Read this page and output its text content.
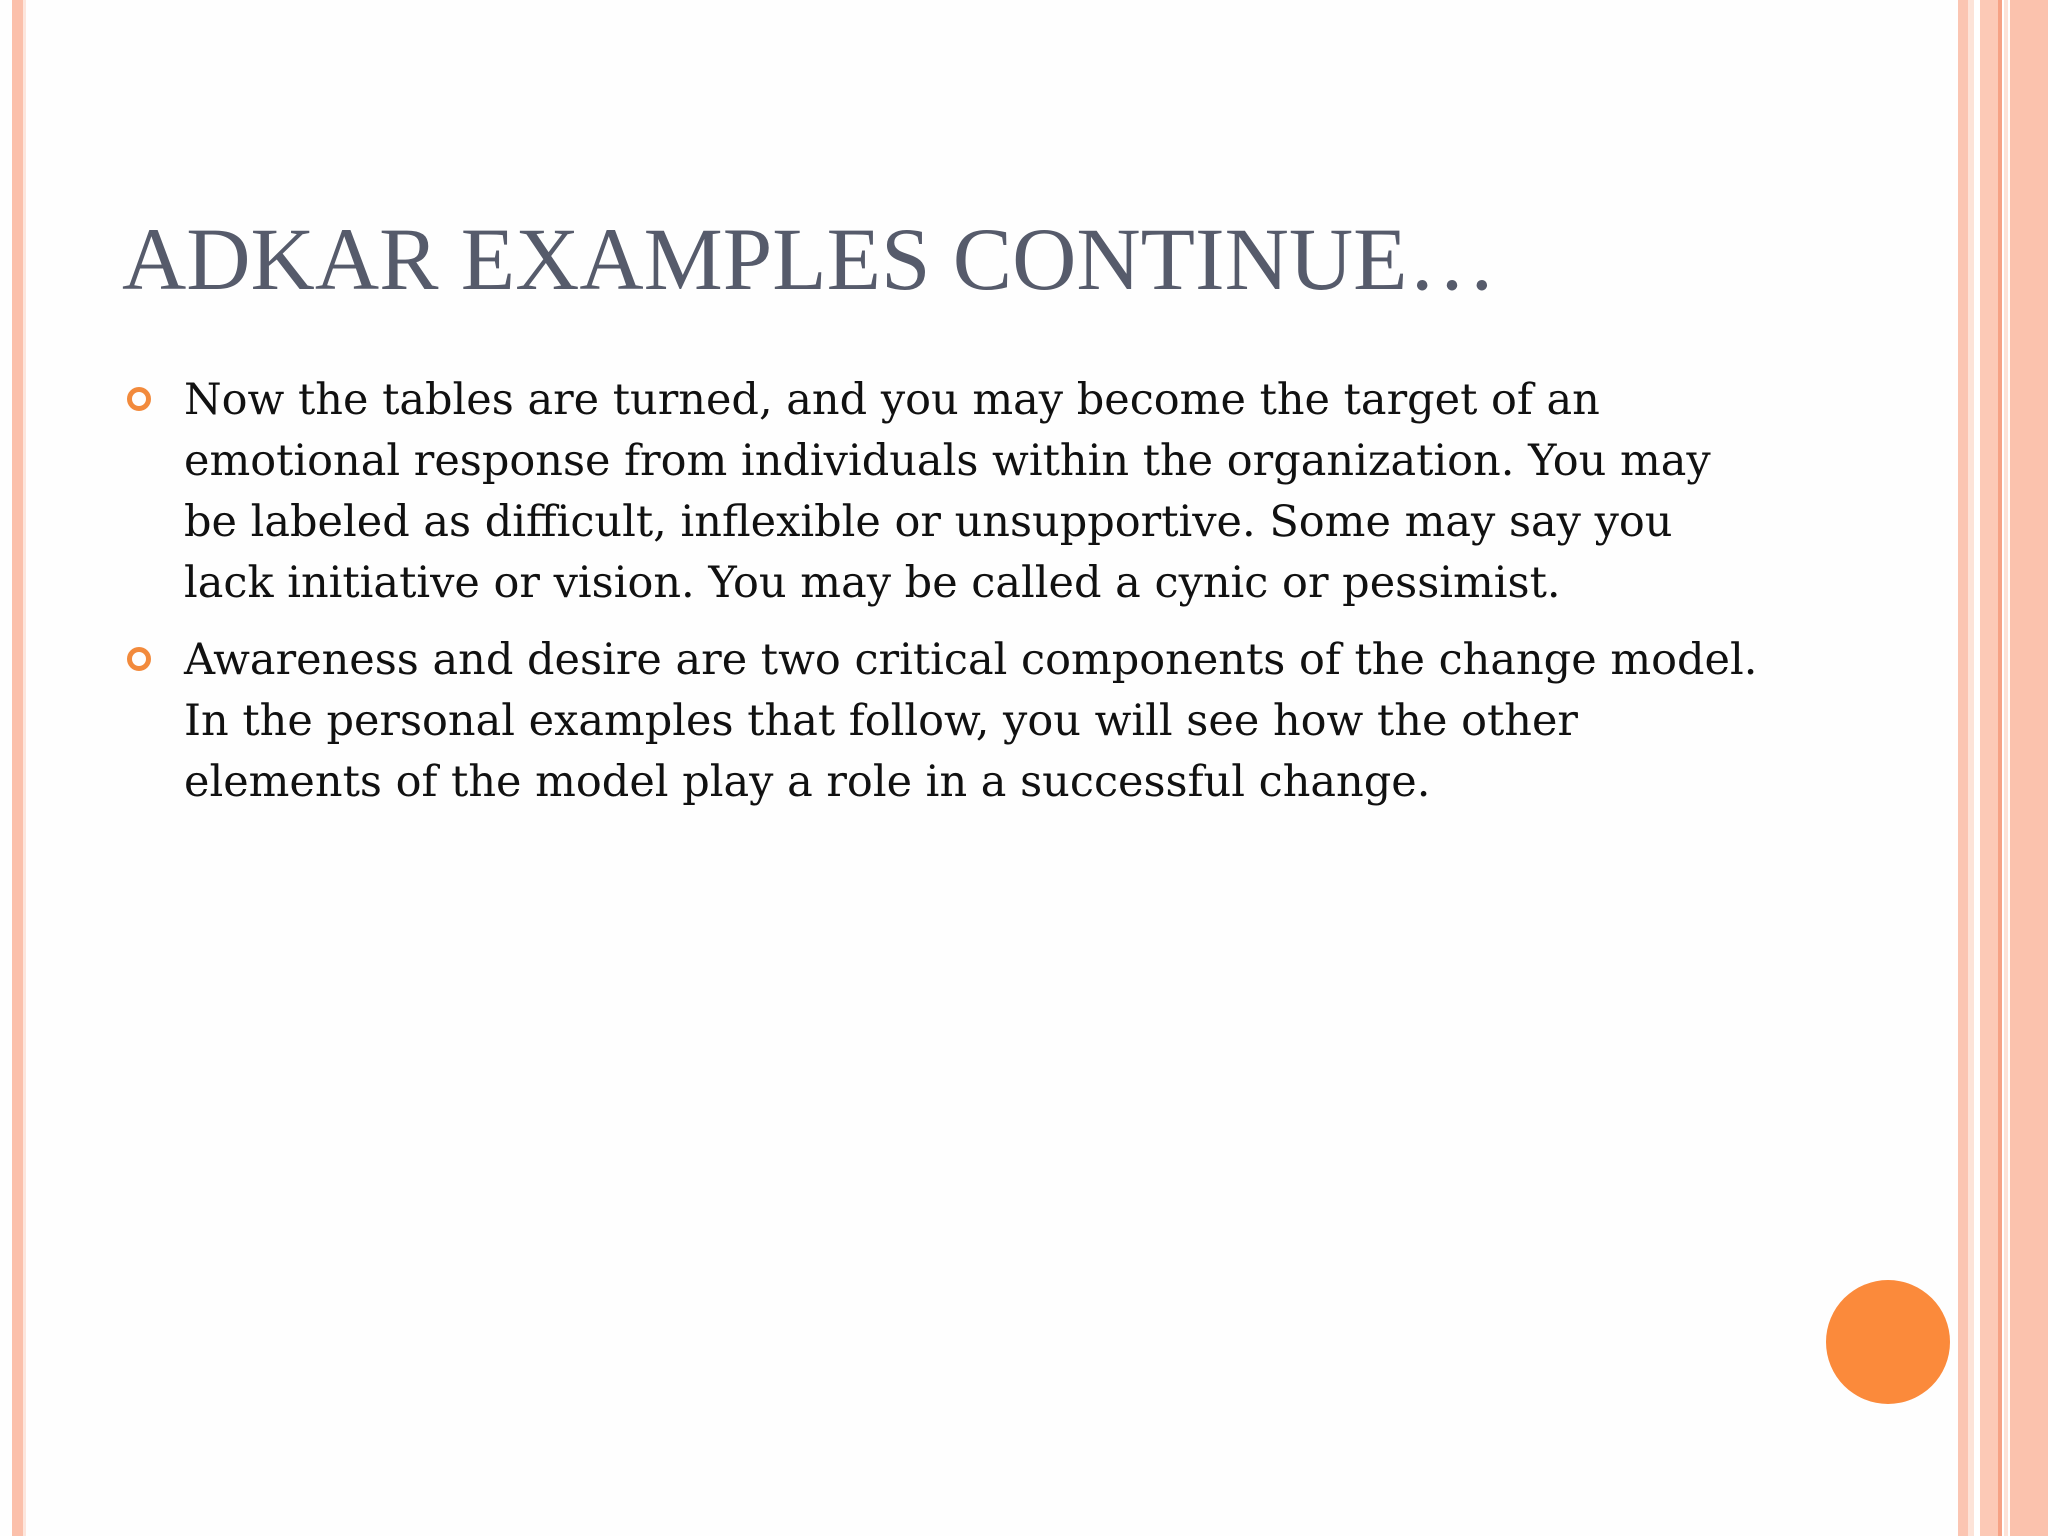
ADKAR EXAMPLES CONTINUE…
Now the tables are turned, and you may become the target of an emotional response from individuals within the organization. You may be labeled as difficult, inflexible or unsupportive. Some may say you lack initiative or vision. You may be called a cynic or pessimist.
Awareness and desire are two critical components of the change model. In the personal examples that follow, you will see how the other elements of the model play a role in a successful change.
